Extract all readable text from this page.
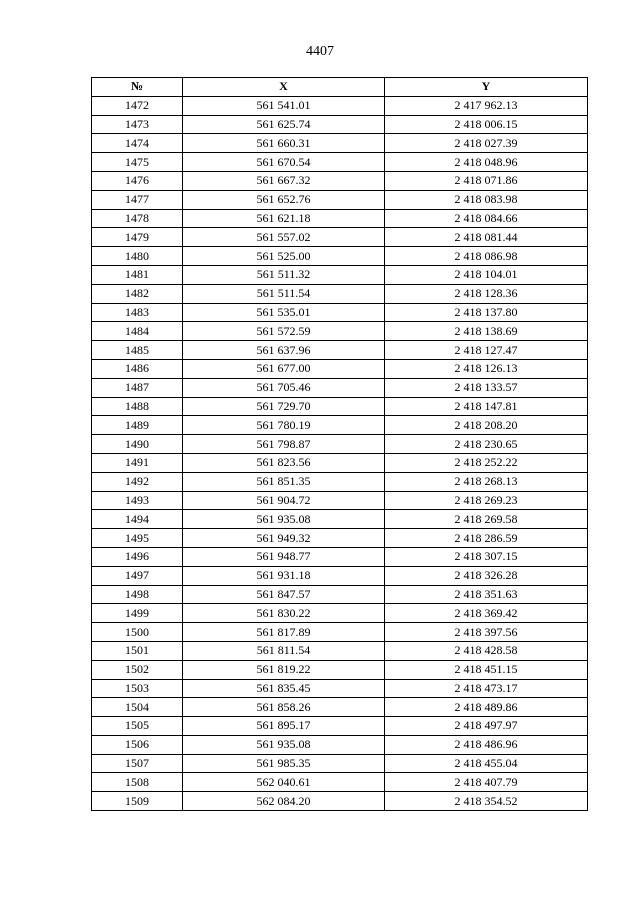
4407
№	X	Y
1472	561 541.01	2 417 962.13
1473	561 625.74	2 418 006.15
1474	561 660.31	2 418 027.39
1475	561 670.54	2 418 048.96
1476	561 667.32	2 418 071.86
1477	561 652.76	2 418 083.98
1478	561 621.18	2 418 084.66
1479	561 557.02	2 418 081.44
1480	561 525.00	2 418 086.98
1481	561 511.32	2 418 104.01
1482	561 511.54	2 418 128.36
1483	561 535.01	2 418 137.80
1484	561 572.59	2 418 138.69
1485	561 637.96	2 418 127.47
1486	561 677.00	2 418 126.13
1487	561 705.46	2 418 133.57
1488	561 729.70	2 418 147.81
1489	561 780.19	2 418 208.20
1490	561 798.87	2 418 230.65
1491	561 823.56	2 418 252.22
1492	561 851.35	2 418 268.13
1493	561 904.72	2 418 269.23
1494	561 935.08	2 418 269.58
1495	561 949.32	2 418 286.59
1496	561 948.77	2 418 307.15
1497	561 931.18	2 418 326.28
1498	561 847.57	2 418 351.63
1499	561 830.22	2 418 369.42
1500	561 817.89	2 418 397.56
1501	561 811.54	2 418 428.58
1502	561 819.22	2 418 451.15
1503	561 835.45	2 418 473.17
1504	561 858.26	2 418 489.86
1505	561 895.17	2 418 497.97
1506	561 935.08	2 418 486.96
1507	561 985.35	2 418 455.04
1508	562 040.61	2 418 407.79
1509	562 084.20	2 418 354.52
